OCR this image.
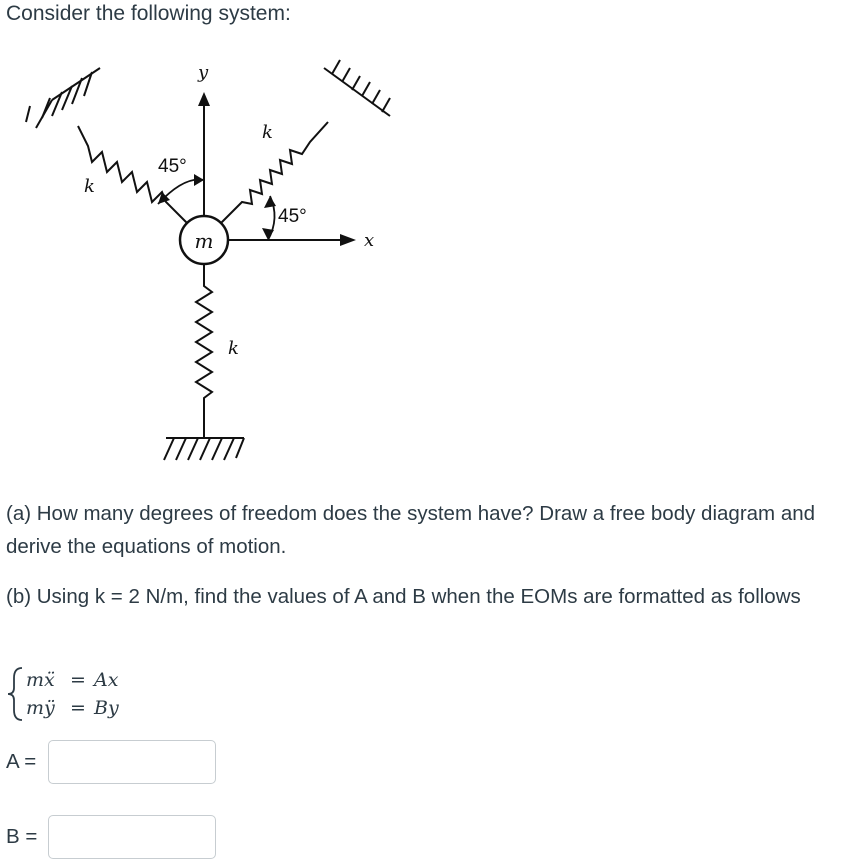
Consider the following system:
m
y
x
k
k
k
45°
45°
(a) How many degrees of freedom does the system have? Draw a free body diagram and derive the equations of motion.
(b) Using k = 2 N/m, find the values of A and B when the EOMs are formatted as follows
mẍ = Ax
mÿ = By
A =
B =
